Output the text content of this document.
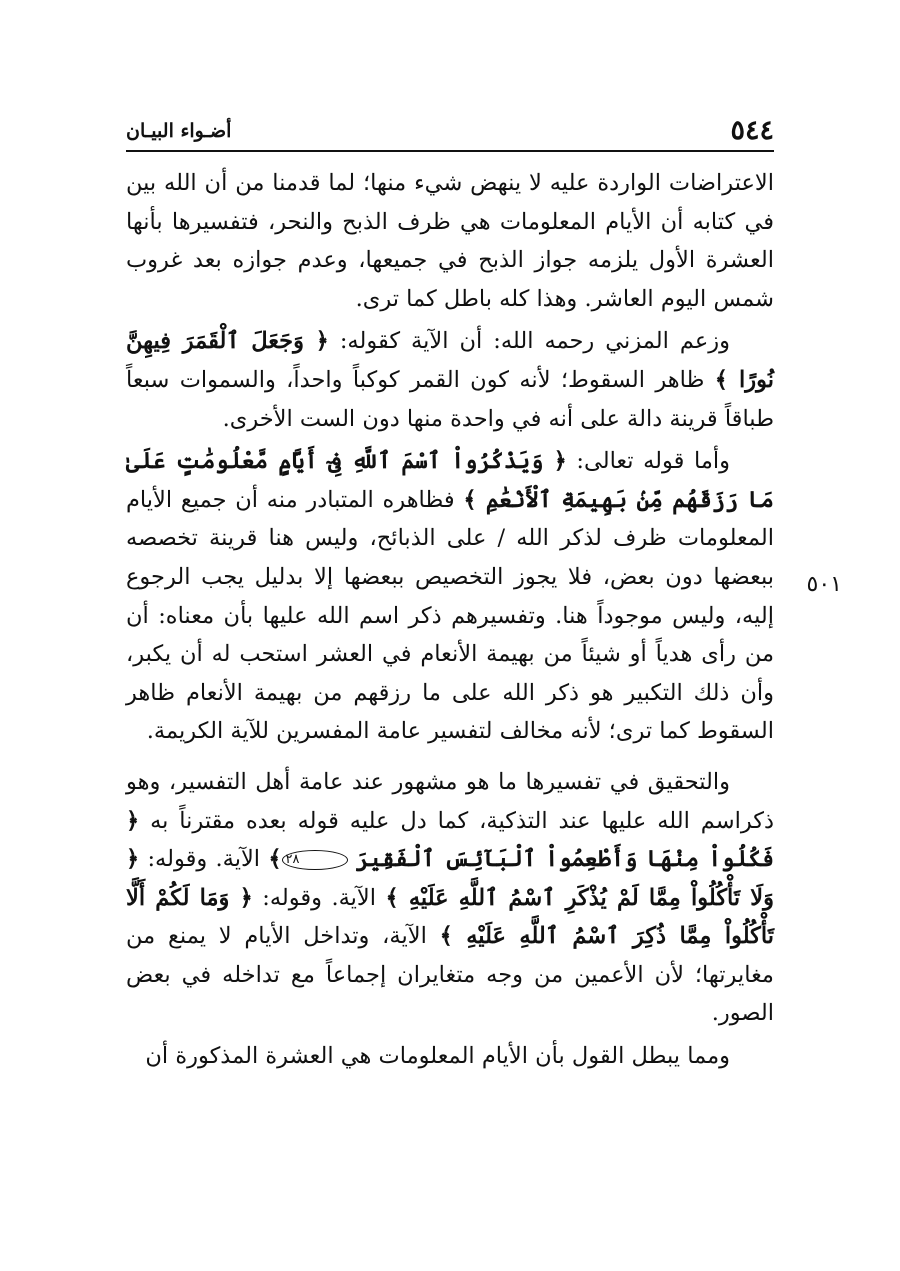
٥٤٤
أضـواء البيـان
٥٠١

الاعتراضات الواردة عليه لا ينهض شيء منها؛ لما قدمنا من أن الله بين في كتابه أن الأيام المعلومات هي ظرف الذبح والنحر، فتفسيرها بأنها العشرة الأول يلزمه جواز الذبح في جميعها، وعدم جوازه بعد غروب شمس اليوم العاشر. وهذا كله باطل كما ترى.

وزعم المزني رحمه الله: أن الآية كقوله: ﴿ وَجَعَلَ ٱلْقَمَرَ فِيهِنَّ نُورًا ﴾ ظاهر السقوط؛ لأنه كون القمر كوكباً واحداً، والسموات سبعاً طباقاً قرينة دالة على أنه في واحدة منها دون الست الأخرى.

وأما قوله تعالى: ﴿ وَيَذْكُرُواْ ٱسْمَ ٱللَّهِ فِىٓ أَيَّامٍ مَّعْلُومَٰتٍ عَلَىٰ مَا رَزَقَهُم مِّنۢ بَهِيمَةِ ٱلْأَنْعَٰمِ ﴾ فظاهره المتبادر منه أن جميع الأيام المعلومات ظرف لذكر الله / على الذبائح، وليس هنا قرينة تخصصه ببعضها دون بعض، فلا يجوز التخصيص ببعضها إلا بدليل يجب الرجوع إليه، وليس موجوداً هنا. وتفسيرهم ذكر اسم الله عليها بأن معناه: أن من رأى هدياً أو شيئاً من بهيمة الأنعام في العشر استحب له أن يكبر، وأن ذلك التكبير هو ذكر الله على ما رزقهم من بهيمة الأنعام ظاهر السقوط كما ترى؛ لأنه مخالف لتفسير عامة المفسرين للآية الكريمة.

والتحقيق في تفسيرها ما هو مشهور عند عامة أهل التفسير، وهو ذكراسم الله عليها عند التذكية، كما دل عليه قوله بعده مقترناً به ﴿ فَكُلُواْ مِنْهَا وَأَطْعِمُواْ ٱلْبَآئِسَ ٱلْفَقِيرَ ٢٨﴾ الآية. وقوله: ﴿ وَلَا تَأْكُلُواْ مِمَّا لَمْ يُذْكَرِ ٱسْمُ ٱللَّهِ عَلَيْهِ ﴾ الآية. وقوله: ﴿ وَمَا لَكُمْ أَلَّا تَأْكُلُواْ مِمَّا ذُكِرَ ٱسْمُ ٱللَّهِ عَلَيْهِ ﴾ الآية، وتداخل الأيام لا يمنع من مغايرتها؛ لأن الأعمين من وجه متغايران إجماعاً مع تداخله في بعض الصور.

ومما يبطل القول بأن الأيام المعلومات هي العشرة المذكورة أن
